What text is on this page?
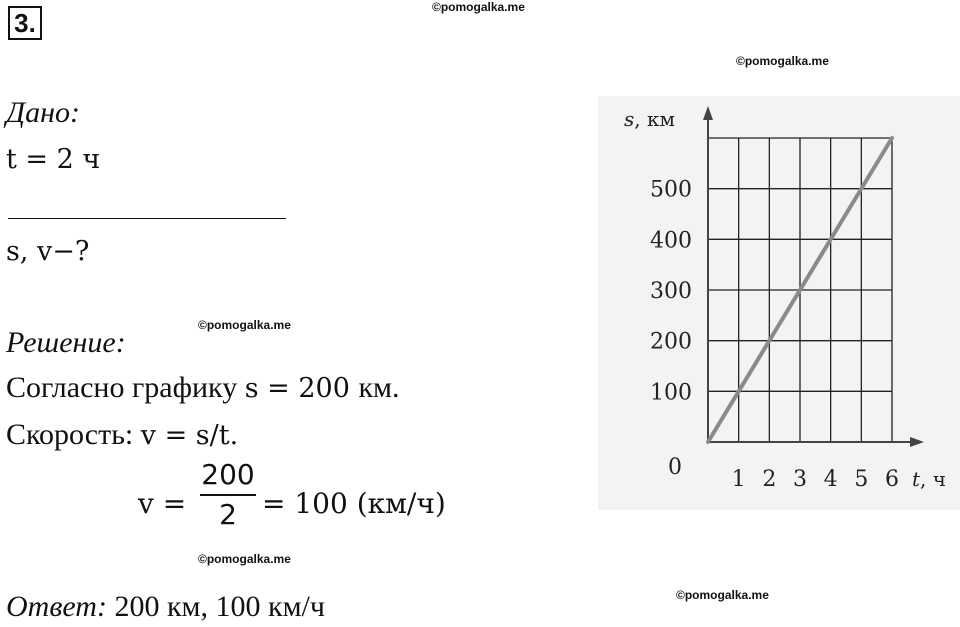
3.
©pomogalka.me
©pomogalka.me
©pomogalka.me
©pomogalka.me
©pomogalka.me
Дано:
t = 2 ч
s, v−?
Решение:
Согласно графику s = 200 км.
Скорость: v = s/t.
v =
200
2 = 100 (км/ч)
Ответ: 200 км, 100 км/ч
100
200
300
400
500
1 2 3 4 5 6
0
s, км
t, ч
